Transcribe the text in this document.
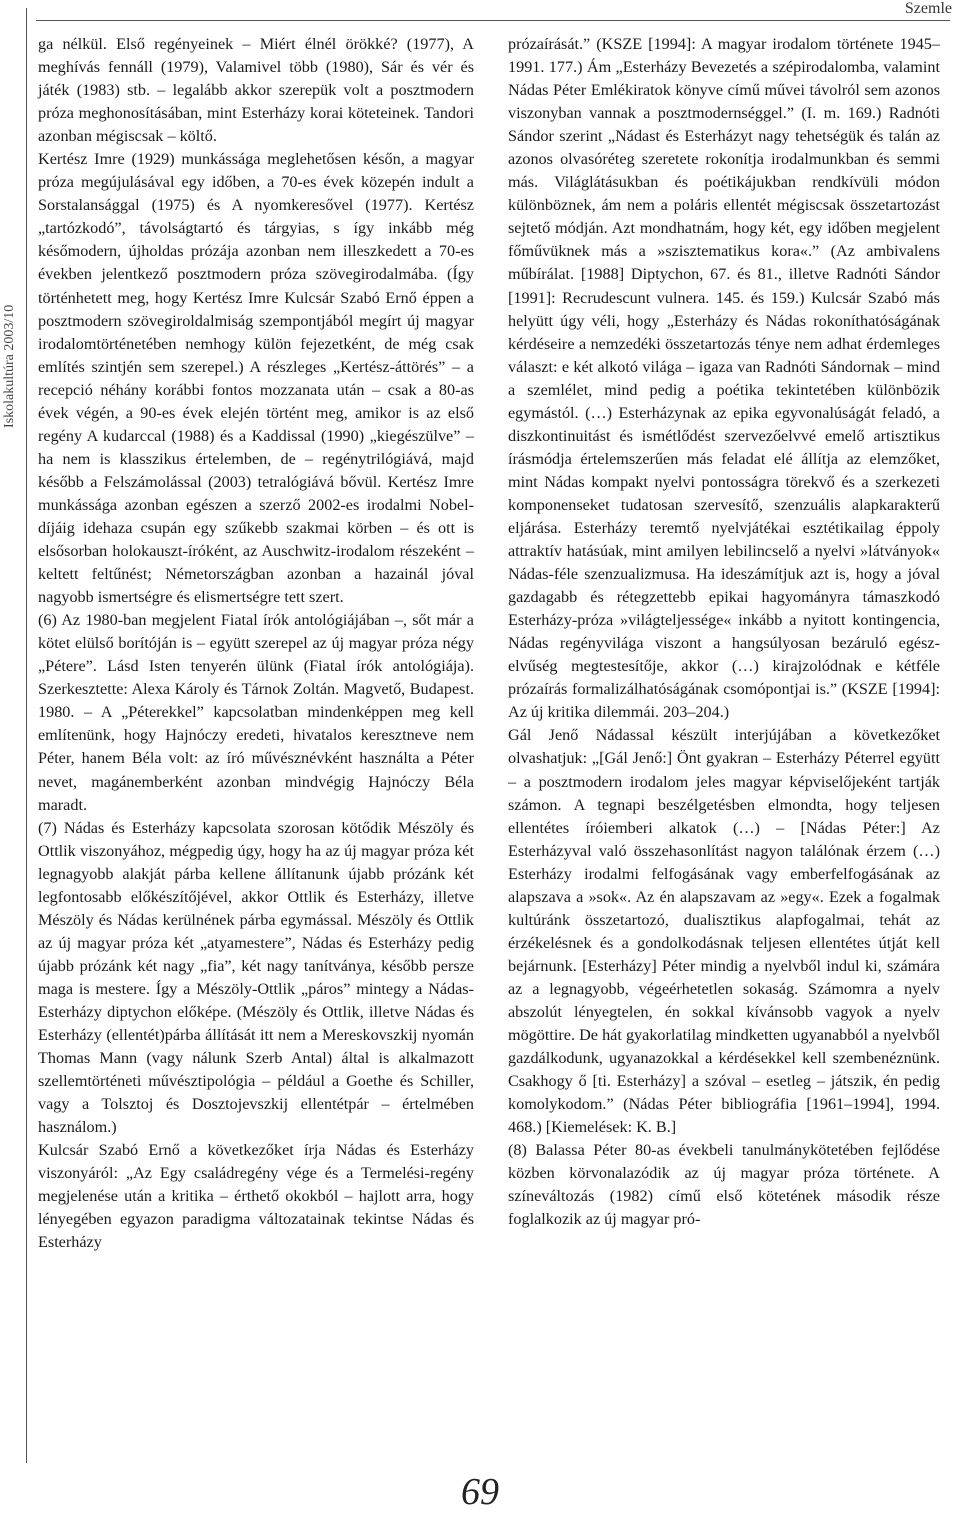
Iskolakultúra 2003/10
Szemle

ga nélkül. Első regényeinek – Miért élnél örökké? (1977), A meghívás fennáll (1979), Valamivel több (1980), Sár és vér és játék (1983) stb. – legalább akkor szerepük volt a posztmodern próza meghonosításában, mint Esterházy korai köteteinek. Tandori azonban mégiscsak – költő.

Kertész Imre (1929) munkássága meglehetősen későn, a magyar próza megújulásával egy időben, a 70-es évek közepén indult a Sorstalansággal (1975) és A nyomkeresővel (1977). Kertész „tartózkodó”, távolságtartó és tárgyias, s így inkább még későmodern, újholdas prózája azonban nem illeszkedett a 70-es években jelentkező posztmodern próza szövegirodalmába. (Így történhetett meg, hogy Kertész Imre Kulcsár Szabó Ernő éppen a posztmodern szövegiroldalmiság szempontjából megírt új magyar irodalomtörténetében nemhogy külön fejezetként, de még csak említés szintjén sem szerepel.) A részleges „Kertész-áttörés” – a recepció néhány korábbi fontos mozzanata után – csak a 80-as évek végén, a 90-es évek elején történt meg, amikor is az első regény A kudarccal (1988) és a Kaddissal (1990) „kiegészülve” – ha nem is klasszikus értelemben, de – regénytrilógiává, majd később a Felszámolással (2003) tetralógiává bővül. Kertész Imre munkássága azonban egészen a szerző 2002-es irodalmi Nobel-díjáig idehaza csupán egy szűkebb szakmai körben – és ott is elsősorban holokauszt-íróként, az Auschwitz-irodalom részeként – keltett feltűnést; Németországban azonban a hazainál jóval nagyobb ismertségre és elismertségre tett szert.

(6) Az 1980-ban megjelent Fiatal írók antológiájában –, sőt már a kötet elülső borítóján is – együtt szerepel az új magyar próza négy „Pétere”. Lásd Isten tenyerén ülünk (Fiatal írók antológiája). Szerkesztette: Alexa Károly és Tárnok Zoltán. Magvető, Budapest. 1980. – A „Péterekkel” kapcsolatban mindenképpen meg kell említenünk, hogy Hajnóczy eredeti, hivatalos keresztneve nem Péter, hanem Béla volt: az író művésznévként használta a Péter nevet, magánemberként azonban mindvégig Hajnóczy Béla maradt.

(7) Nádas és Esterházy kapcsolata szorosan kötődik Mészöly és Ottlik viszonyához, mégpedig úgy, hogy ha az új magyar próza két legnagyobb alakját párba kellene állítanunk újabb prózánk két legfontosabb előkészítőjével, akkor Ottlik és Esterházy, illetve Mészöly és Nádas kerülnének párba egymással. Mészöly és Ottlik az új magyar próza két „atyamestere”, Nádas és Esterházy pedig újabb prózánk két nagy „fia”, két nagy tanítványa, később persze maga is mestere. Így a Mészöly-Ottlik „páros” mintegy a Nádas-Esterházy diptychon előképe. (Mészöly és Ottlik, illetve Nádas és Esterházy (ellentét)párba állítását itt nem a Mereskovszkij nyomán Thomas Mann (vagy nálunk Szerb Antal) által is alkalmazott szellemtörténeti művésztipológia – például a Goethe és Schiller, vagy a Tolsztoj és Dosztojevszkij ellentétpár – értelmében használom.)

Kulcsár Szabó Ernő a következőket írja Nádas és Esterházy viszonyáról: „Az Egy családregény vége és a Termelési-regény megjelenése után a kritika – érthető okokból – hajlott arra, hogy lényegében egyazon paradigma változatainak tekintse Nádas és Esterházy

prózaírását.” (KSZE [1994]: A magyar irodalom története 1945–1991. 177.) Ám „Esterházy Bevezetés a szépirodalomba, valamint Nádas Péter Emlékiratok könyve című művei távolról sem azonos viszonyban vannak a posztmodernséggel.” (I. m. 169.) Radnóti Sándor szerint „Nádast és Esterházyt nagy tehetségük és talán az azonos olvasóréteg szeretete rokonítja irodalmunkban és semmi más. Világlátásukban és poétikájukban rendkívüli módon különböznek, ám nem a poláris ellentét mégiscsak összetartozást sejtető módján. Azt mondhatnám, hogy két, egy időben megjelent főművüknek más a »szisztematikus kora«.” (Az ambivalens műbírálat. [1988] Diptychon, 67. és 81., illetve Radnóti Sándor [1991]: Recrudescunt vulnera. 145. és 159.) Kulcsár Szabó más helyütt úgy véli, hogy „Esterházy és Nádas rokoníthatóságának kérdéseire a nemzedéki összetartozás ténye nem adhat érdemleges választ: e két alkotó világa – igaza van Radnóti Sándornak – mind a szemlélet, mind pedig a poétika tekintetében különbözik egymástól. (…) Esterházynak az epika egyvonalúságát feladó, a diszkontinuitást és ismétlődést szervezőelvvé emelő artisztikus írásmódja értelemszerűen más feladat elé állítja az elemzőket, mint Nádas kompakt nyelvi pontosságra törekvő és a szerkezeti komponenseket tudatosan szervesítő, szenzuális alapkarakterű eljárása. Esterházy teremtő nyelvjátékai esztétikailag éppoly attraktív hatásúak, mint amilyen lebilincselő a nyelvi »látványok« Nádas-féle szenzualizmusa. Ha ideszámítjuk azt is, hogy a jóval gazdagabb és rétegzettebb epikai hagyományra támaszkodó Esterházy-próza »világteljessége« inkább a nyitott kontingencia, Nádas regényvilága viszont a hangsúlyosan bezáruló egész-elvűség megtestesítője, akkor (…) kirajzolódnak e kétféle prózaírás formalizálhatóságának csomópontjai is.” (KSZE [1994]: Az új kritika dilemmái. 203–204.)

Gál Jenő Nádassal készült interjújában a következőket olvashatjuk: „[Gál Jenő:] Önt gyakran – Esterházy Péterrel együtt – a posztmodern irodalom jeles magyar képviselőjeként tartják számon. A tegnapi beszélgetésben elmondta, hogy teljesen ellentétes íróiemberi alkatok (…) – [Nádas Péter:] Az Esterházyval való összehasonlítást nagyon találónak érzem (…) Esterházy irodalmi felfogásának vagy emberfelfogásának az alapszava a »sok«. Az én alapszavam az »egy«. Ezek a fogalmak kultúránk összetartozó, dualisztikus alapfogalmai, tehát az érzékelésnek és a gondolkodásnak teljesen ellentétes útját kell bejárnunk. [Esterházy] Péter mindig a nyelvből indul ki, számára az a legnagyobb, végeérhetetlen sokaság. Számomra a nyelv abszolút lényegtelen, én sokkal kívánsobb vagyok a nyelv mögöttire. De hát gyakorlatilag mindketten ugyanabból a nyelvből gazdálkodunk, ugyanazokkal a kérdésekkel kell szembenéznünk. Csakhogy ő [ti. Esterházy] a szóval – esetleg – játszik, én pedig komolykodom.” (Nádas Péter bibliográfia [1961–1994], 1994. 468.) [Kiemelések: K. B.]

(8) Balassa Péter 80-as évekbeli tanulmánykötetében fejlődése közben körvonalazódik az új magyar próza története. A színeváltozás (1982) című első kötetének második része foglalkozik az új magyar pró-

69
